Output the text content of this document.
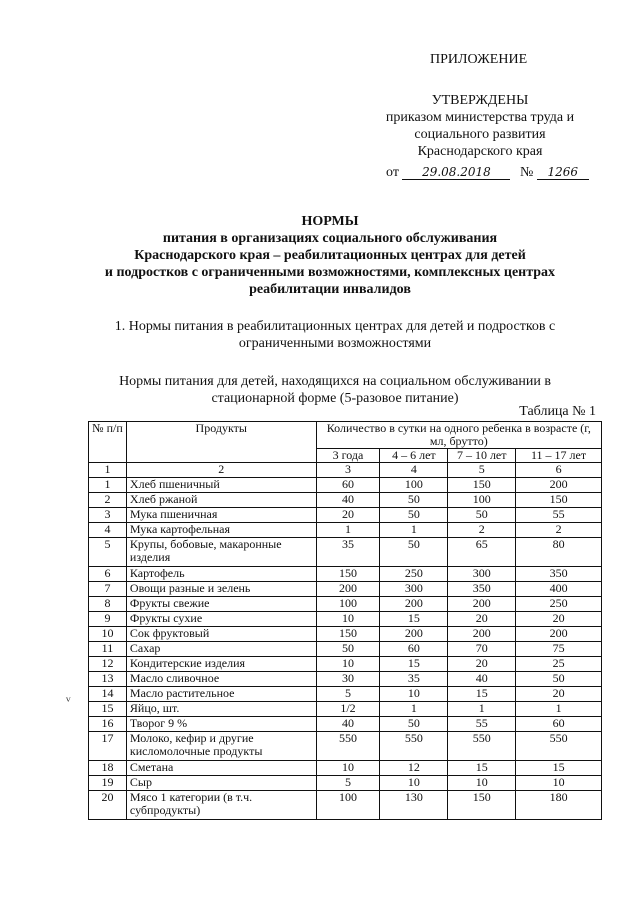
ПРИЛОЖЕНИЕ
УТВЕРЖДЕНЫ
приказом министерства труда и
социального развития
Краснодарского края
от 29.08.2018 № 1266
НОРМЫ
питания в организациях социального обслуживания
Краснодарского края – реабилитационных центрах для детей
и подростков с ограниченными возможностями, комплексных центрах
реабилитации инвалидов
1. Нормы питания в реабилитационных центрах для детей и подростков с
ограниченными возможностями
Нормы питания для детей, находящихся на социальном обслуживании в
стационарной форме (5-разовое питание)
Таблица № 1
ⱽ
№ п/п	Продукты	Количество в сутки на одного ребенка в возрасте (г, мл, брутто)			
		3 года	4 – 6 лет	7 – 10 лет	11 – 17 лет
1	2	3	4	5	6
1	Хлеб пшеничный	60	100	150	200
2	Хлеб ржаной	40	50	100	150
3	Мука пшеничная	20	50	50	55
4	Мука картофельная	1	1	2	2
5	Крупы, бобовые, макаронные изделия	35	50	65	80
6	Картофель	150	250	300	350
7	Овощи разные и зелень	200	300	350	400
8	Фрукты свежие	100	200	200	250
9	Фрукты сухие	10	15	20	20
10	Сок фруктовый	150	200	200	200
11	Сахар	50	60	70	75
12	Кондитерские изделия	10	15	20	25
13	Масло сливочное	30	35	40	50
14	Масло растительное	5	10	15	20
15	Яйцо, шт.	1/2	1	1	1
16	Творог 9 %	40	50	55	60
17	Молоко, кефир и другие кисломолочные продукты	550	550	550	550
18	Сметана	10	12	15	15
19	Сыр	5	10	10	10
20	Мясо 1 категории (в т.ч. субпродукты)	100	130	150	180
